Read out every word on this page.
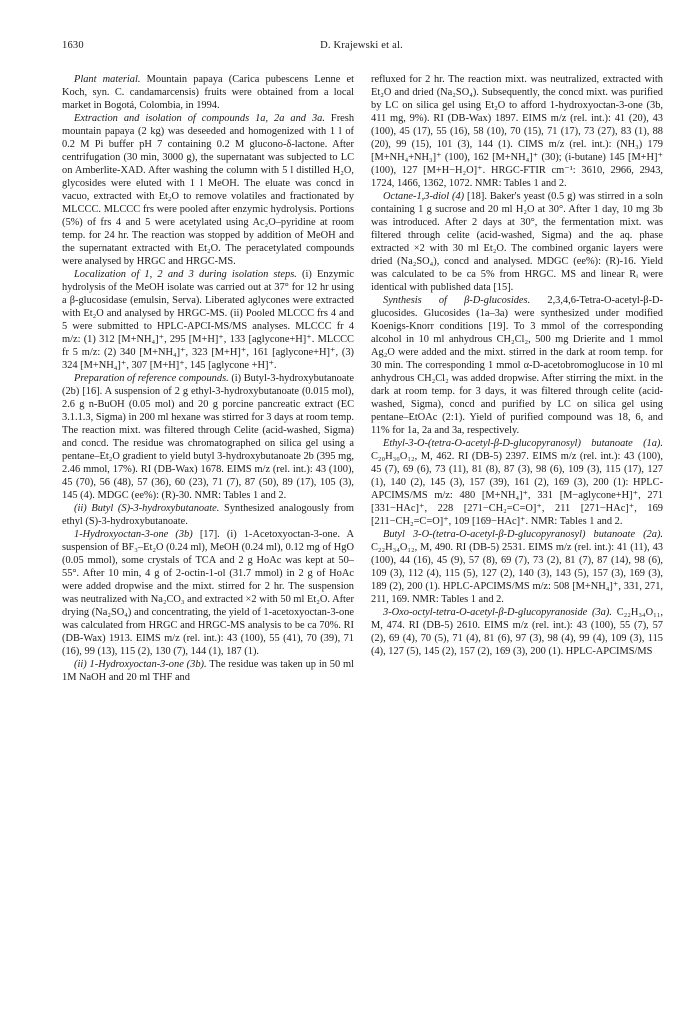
1630	D. Krajewski et al.

Plant material. Mountain papaya (Carica pubescens Lenne et Koch, syn. C. candamarcensis) fruits were obtained from a local market in Bogotá, Colombia, in 1994.

Extraction and isolation of compounds 1a, 2a and 3a. Fresh mountain papaya (2 kg) was deseeded and homogenized with 1 l of 0.2 M Pi buffer pH 7 containing 0.2 M glucono-δ-lactone. After centrifugation (30 min, 3000 g), the supernatant was subjected to LC on Amberlite-XAD. After washing the column with 5 l distilled H₂O, glycosides were eluted with 1 l MeOH. The eluate was concd in vacuo, extracted with Et₂O to remove volatiles and fractionated by MLCCC. MLCCC frs were pooled after enzymic hydrolysis. Portions (5%) of frs 4 and 5 were acetylated using Ac₂O–pyridine at room temp. for 24 hr. The reaction was stopped by addition of MeOH and the supernatant extracted with Et₂O. The peracetylated compounds were analysed by HRGC and HRGC-MS.

Localization of 1, 2 and 3 during isolation steps. (i) Enzymic hydrolysis of the MeOH isolate was carried out at 37° for 12 hr using a β-glucosidase (emulsin, Serva). Liberated aglycones were extracted with Et₂O and analysed by HRGC-MS. (ii) Pooled MLCCC frs 4 and 5 were submitted to HPLC-APCI-MS/MS analyses. MLCCC fr 4 m/z: (1) 312 [M+NH₄]⁺, 295 [M+H]⁺, 133 [aglycone+H]⁺. MLCCC fr 5 m/z: (2) 340 [M+NH₄]⁺, 323 [M+H]⁺, 161 [aglycone+H]⁺, (3) 324 [M+NH₄]⁺, 307 [M+H]⁺, 145 [aglycone +H]⁺.

Preparation of reference compounds. (i) Butyl-3-hydroxybutanoate (2b) [16]. A suspension of 2 g ethyl-3-hydroxybutanoate (0.015 mol), 2.6 g n-BuOH (0.05 mol) and 20 g porcine pancreatic extract (EC 3.1.1.3, Sigma) in 200 ml hexane was stirred for 3 days at room temp. The reaction mixt. was filtered through Celite (acid-washed, Sigma) and concd. The residue was chromatographed on silica gel using a pentane–Et₂O gradient to yield butyl 3-hydroxybutanoate 2b (395 mg, 2.46 mmol, 17%). RI (DB-Wax) 1678. EIMS m/z (rel. int.): 43 (100), 45 (70), 56 (48), 57 (36), 60 (23), 71 (7), 87 (50), 89 (17), 105 (3), 145 (4). MDGC (ee%): (R)-30. NMR: Tables 1 and 2.

(ii) Butyl (S)-3-hydroxybutanoate. Synthesized analogously from ethyl (S)-3-hydroxybutanoate.

1-Hydroxyoctan-3-one (3b) [17]. (i) 1-Acetoxyoctan-3-one. A suspension of BF₃–Et₂O (0.24 ml), MeOH (0.24 ml), 0.12 mg of HgO (0.05 mmol), some crystals of TCA and 2 g HoAc was kept at 50–55°. After 10 min, 4 g of 2-octin-1-ol (31.7 mmol) in 2 g of HoAc were added dropwise and the mixt. stirred for 2 hr. The suspension was neutralized with Na₂CO₃ and extracted ×2 with 50 ml Et₂O. After drying (Na₂SO₄) and concentrating, the yield of 1-acetoxyoctan-3-one was calculated from HRGC and HRGC-MS analysis to be ca 70%. RI (DB-Wax) 1913. EIMS m/z (rel. int.): 43 (100), 55 (41), 70 (39), 71 (16), 99 (13), 115 (2), 130 (7), 144 (1), 187 (1).

(ii) 1-Hydroxyoctan-3-one (3b). The residue was taken up in 50 ml 1M NaOH and 20 ml THF and

refluxed for 2 hr. The reaction mixt. was neutralized, extracted with Et₂O and dried (Na₂SO₄). Subsequently, the concd mixt. was purified by LC on silica gel using Et₂O to afford 1-hydroxyoctan-3-one (3b, 411 mg, 9%). RI (DB-Wax) 1897. EIMS m/z (rel. int.): 41 (20), 43 (100), 45 (17), 55 (16), 58 (10), 70 (15), 71 (17), 73 (27), 83 (1), 88 (20), 99 (15), 101 (3), 144 (1). CIMS m/z (rel. int.): (NH₃) 179 [M+NH₄+NH₃]⁺ (100), 162 [M+NH₄]⁺ (30); (i-butane) 145 [M+H]⁺ (100), 127 [M+H−H₂O]⁺. HRGC-FTIR cm⁻¹: 3610, 2966, 2943, 1724, 1466, 1362, 1072. NMR: Tables 1 and 2.

Octane-1,3-diol (4) [18]. Baker's yeast (0.5 g) was stirred in a soln containing 1 g sucrose and 20 ml H₂O at 30°. After 1 day, 10 mg 3b was introduced. After 2 days at 30°, the fermentation mixt. was filtered through celite (acid-washed, Sigma) and the aq. phase extracted ×2 with 30 ml Et₂O. The combined organic layers were dried (Na₂SO₄), concd and analysed. MDGC (ee%): (R)-16. Yield was calculated to be ca 5% from HRGC. MS and linear Rᵢ were identical with published data [15].

Synthesis of β-D-glucosides. 2,3,4,6-Tetra-O-acetyl-β-D-glucosides. Glucosides (1a–3a) were synthesized under modified Koenigs-Knorr conditions [19]. To 3 mmol of the corresponding alcohol in 10 ml anhydrous CH₂Cl₂, 500 mg Drierite and 1 mmol Ag₂O were added and the mixt. stirred in the dark at room temp. for 30 min. The corresponding 1 mmol α-D-acetobromoglucose in 10 ml anhydrous CH₂Cl₂ was added dropwise. After stirring the mixt. in the dark at room temp. for 3 days, it was filtered through celite (acid-washed, Sigma), concd and purified by LC on silica gel using pentane–EtOAc (2:1). Yield of purified compound was 18, 6, and 11% for 1a, 2a and 3a, respectively.

Ethyl-3-O-(tetra-O-acetyl-β-D-glucopyranosyl) butanoate (1a). C₂₀H₃₀O₁₂, M, 462. RI (DB-5) 2397. EIMS m/z (rel. int.): 43 (100), 45 (7), 69 (6), 73 (11), 81 (8), 87 (3), 98 (6), 109 (3), 115 (17), 127 (1), 140 (2), 145 (3), 157 (39), 161 (2), 169 (3), 200 (1): HPLC-APCIMS/MS m/z: 480 [M+NH₄]⁺, 331 [M−aglycone+H]⁺, 271 [331−HAc]⁺, 228 [271−CH₂=C=O]⁺, 211 [271−HAc]⁺, 169 [211−CH₂=C=O]⁺, 109 [169−HAc]⁺. NMR: Tables 1 and 2.

Butyl 3-O-(tetra-O-acetyl-β-D-glucopyranosyl) butanoate (2a). C₂₂H₃₄O₁₂, M, 490. RI (DB-5) 2531. EIMS m/z (rel. int.): 41 (11), 43 (100), 44 (16), 45 (9), 57 (8), 69 (7), 73 (2), 81 (7), 87 (14), 98 (6), 109 (3), 112 (4), 115 (5), 127 (2), 140 (3), 143 (5), 157 (3), 169 (3), 189 (2), 200 (1). HPLC-APCIMS/MS m/z: 508 [M+NH₄]⁺, 331, 271, 211, 169. NMR: Tables 1 and 2.

3-Oxo-octyl-tetra-O-acetyl-β-D-glucopyranoside (3a). C₂₂H₃₄O₁₁, M, 474. RI (DB-5) 2610. EIMS m/z (rel. int.): 43 (100), 55 (7), 57 (2), 69 (4), 70 (5), 71 (4), 81 (6), 97 (3), 98 (4), 99 (4), 109 (3), 115 (4), 127 (5), 145 (2), 157 (2), 169 (3), 200 (1). HPLC-APCIMS/MS
